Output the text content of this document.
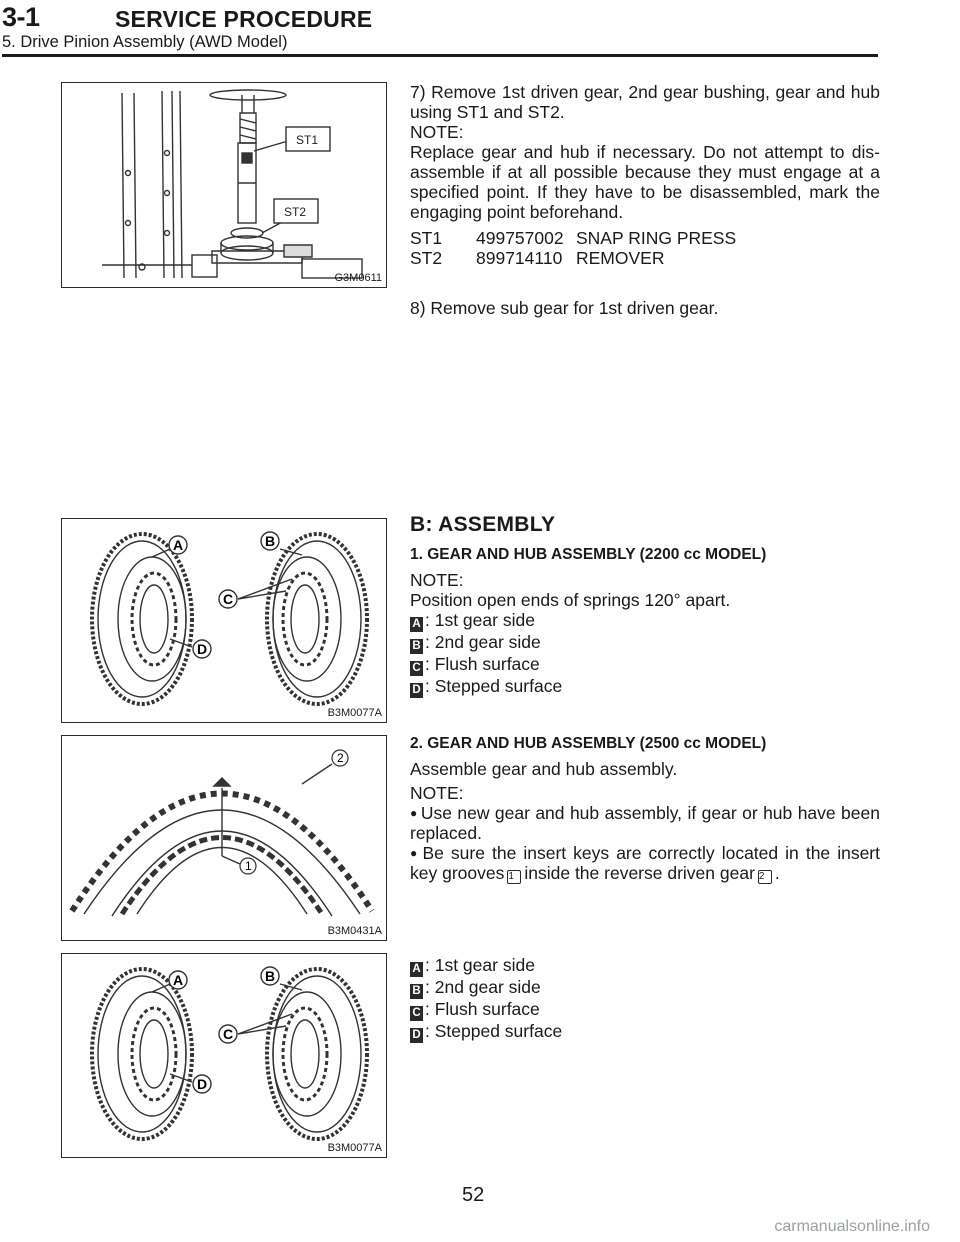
3-1	SERVICE PROCEDURE
5. Drive Pinion Assembly (AWD Model)
ST1
ST2
G3M0611

7) Remove 1st driven gear, 2nd gear bushing, gear and hub using ST1 and ST2.

NOTE:

Replace gear and hub if necessary. Do not attempt to dis-assemble if at all possible because they must engage at a specified point. If they have to be disassembled, mark the engaging point beforehand.

ST1	499757002 SNAP RING PRESS
ST2	899714110 REMOVER
8) Remove sub gear for 1st driven gear.
A	B
C
D
B3M0077A
B: ASSEMBLY
1. GEAR AND HUB ASSEMBLY (2200 cc MODEL)

NOTE:

Position open ends of springs 120° apart.

A : 1st gear side

B : 2nd gear side

C : Flush surface

D : Stepped surface

1
2
B3M0431A
2. GEAR AND HUB ASSEMBLY (2500 cc MODEL)

Assemble gear and hub assembly.

NOTE:

● Use new gear and hub assembly, if gear or hub have been replaced.

● Be sure the insert keys are correctly located in the insert key grooves 1 inside the reverse driven gear 2 .

A	B
C
D
B3M0077A

A : 1st gear side

B : 2nd gear side

C : Flush surface

D : Stepped surface

52
carmanualsonline.info
